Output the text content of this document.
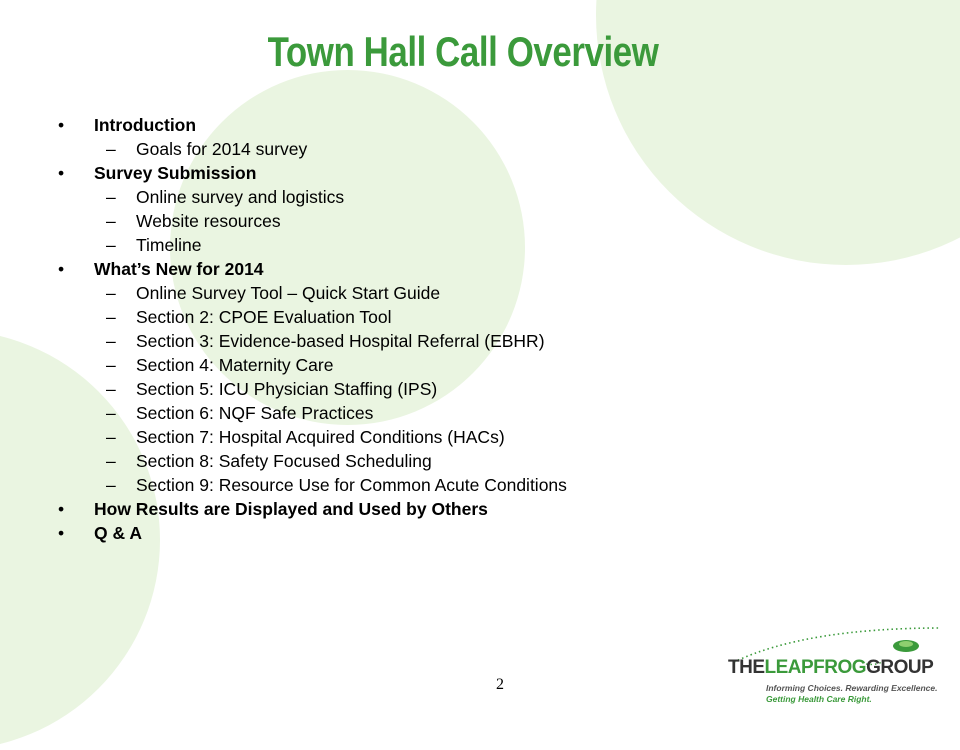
Town Hall Call Overview
• Introduction
– Goals for 2014 survey
• Survey Submission
– Online survey and logistics
– Website resources
– Timeline
• What’s New for 2014
– Online Survey Tool – Quick Start Guide
– Section 2: CPOE Evaluation Tool
– Section 3: Evidence-based Hospital Referral (EBHR)
– Section 4: Maternity Care
– Section 5: ICU Physician Staffing (IPS)
– Section 6: NQF Safe Practices
– Section 7: Hospital Acquired Conditions (HACs)
– Section 8: Safety Focused Scheduling
– Section 9: Resource Use for Common Acute Conditions
• How Results are Displayed and Used by Others
• Q & A
2
THELEAPFROGGROUP
Informing Choices. Rewarding Excellence.
Getting Health Care Right.
